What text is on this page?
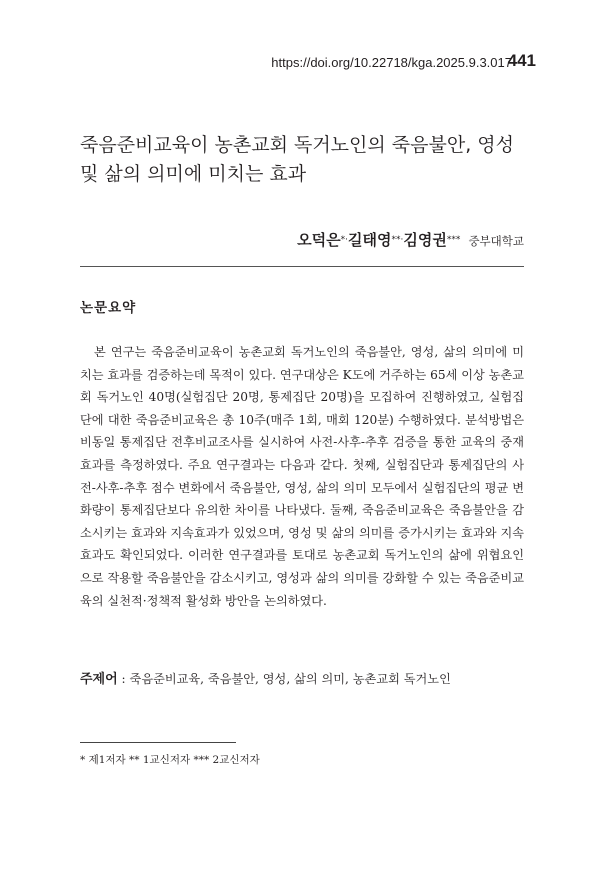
https://doi.org/10.22718/kga.2025.9.3.017
441
죽음준비교육이 농촌교회 독거노인의 죽음불안, 영성 및 삶의 의미에 미치는 효과
오덕은*·길태영**·김영권*** 중부대학교
논문요약

본 연구는 죽음준비교육이 농촌교회 독거노인의 죽음불안, 영성, 삶의 의미에 미치는 효과를 검증하는데 목적이 있다. 연구대상은 K도에 거주하는 65세 이상 농촌교회 독거노인 40명(실험집단 20명, 통제집단 20명)을 모집하여 진행하였고, 실험집단에 대한 죽음준비교육은 총 10주(매주 1회, 매회 120분) 수행하였다. 분석방법은 비동일 통제집단 전후비교조사를 실시하여 사전-사후-추후 검증을 통한 교육의 중재효과를 측정하였다. 주요 연구결과는 다음과 같다. 첫째, 실험집단과 통제집단의 사전-사후-추후 점수 변화에서 죽음불안, 영성, 삶의 의미 모두에서 실험집단의 평균 변화량이 통제집단보다 유의한 차이를 나타냈다. 둘째, 죽음준비교육은 죽음불안을 감소시키는 효과와 지속효과가 있었으며, 영성 및 삶의 의미를 증가시키는 효과와 지속효과도 확인되었다. 이러한 연구결과를 토대로 농촌교회 독거노인의 삶에 위협요인으로 작용할 죽음불안을 감소시키고, 영성과 삶의 의미를 강화할 수 있는 죽음준비교육의 실천적·정책적 활성화 방안을 논의하였다.

주제어 : 죽음준비교육, 죽음불안, 영성, 삶의 의미, 농촌교회 독거노인
* 제1저자 ** 1교신저자 *** 2교신저자
